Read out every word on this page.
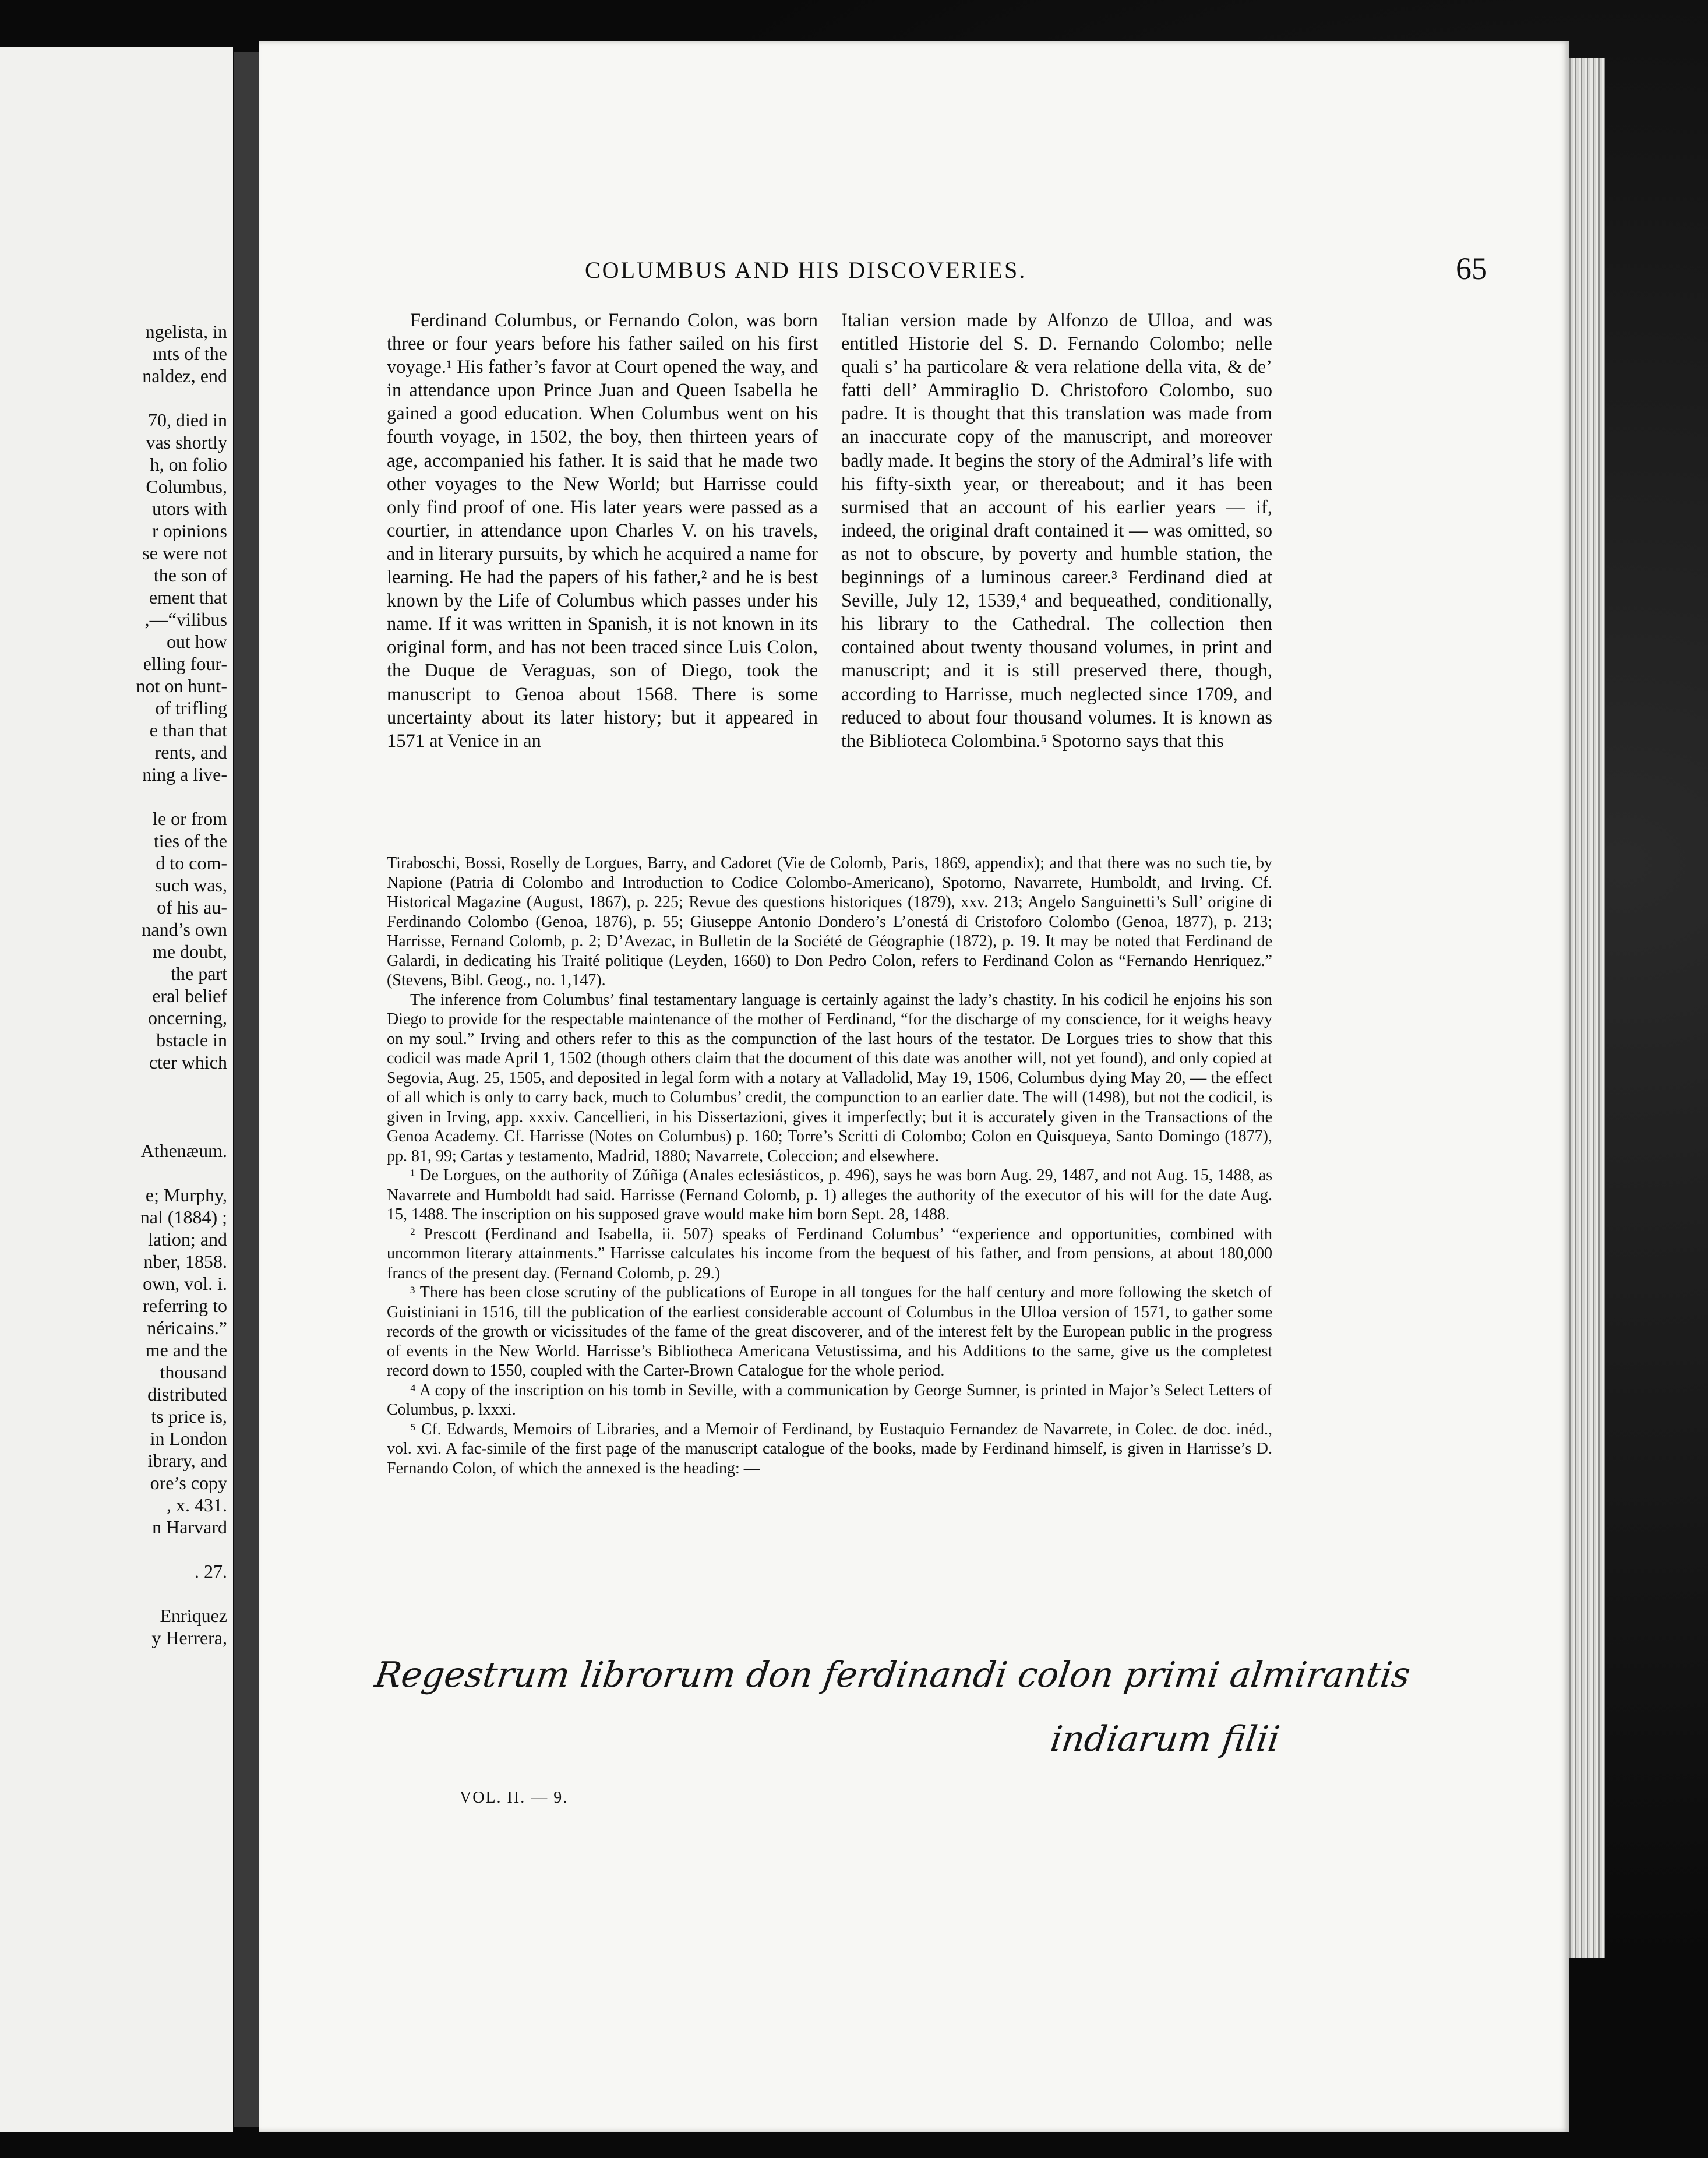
ngelista, in
ınts of the
naldez, end
70, died in
vas shortly
h, on folio
Columbus,
utors with
r opinions
se were not
the son of
ement that
,—“vilibus
out how
elling four-
not on hunt-
of trifling
e than that
rents, and
ning a live-
le or from
ties of the
d to com-
such was,
of his au-
nand’s own
me doubt,
the part
eral belief
oncerning,
bstacle in
cter which
Athenæum.
e; Murphy,
nal (1884) ;
lation; and
nber, 1858.
own, vol. i.
referring to
néricains.”
me and the
thousand
distributed
ts price is,
in London
ibrary, and
ore’s copy
, x. 431.
n Harvard
. 27.
Enriquez
y Herrera,
COLUMBUS AND HIS DISCOVERIES.	65

Ferdinand Columbus, or Fernando Colon, was born three or four years before his father sailed on his first voyage.¹ His father’s favor at Court opened the way, and in attendance upon Prince Juan and Queen Isabella he gained a good education. When Columbus went on his fourth voyage, in 1502, the boy, then thirteen years of age, accompanied his father. It is said that he made two other voyages to the New World; but Harrisse could only find proof of one. His later years were passed as a courtier, in attendance upon Charles V. on his travels, and in literary pursuits, by which he acquired a name for learning. He had the papers of his father,² and he is best known by the Life of Columbus which passes under his name. If it was written in Spanish, it is not known in its original form, and has not been traced since Luis Colon, the Duque de Veraguas, son of Diego, took the manuscript to Genoa about 1568. There is some uncertainty about its later history; but it appeared in 1571 at Venice in an

Italian version made by Alfonzo de Ulloa, and was entitled Historie del S. D. Fernando Colombo; nelle quali s’ ha particolare & vera relatione della vita, & de’ fatti dell’ Ammiraglio D. Christoforo Colombo, suo padre. It is thought that this translation was made from an inaccurate copy of the manuscript, and moreover badly made. It begins the story of the Admiral’s life with his fifty-sixth year, or thereabout; and it has been surmised that an account of his earlier years — if, indeed, the original draft contained it — was omitted, so as not to obscure, by poverty and humble station, the beginnings of a luminous career.³ Ferdinand died at Seville, July 12, 1539,⁴ and bequeathed, conditionally, his library to the Cathedral. The collection then contained about twenty thousand volumes, in print and manuscript; and it is still preserved there, though, according to Harrisse, much neglected since 1709, and reduced to about four thousand volumes. It is known as the Biblioteca Colombina.⁵ Spotorno says that this

Tiraboschi, Bossi, Roselly de Lorgues, Barry, and Cadoret (Vie de Colomb, Paris, 1869, appendix); and that there was no such tie, by Napione (Patria di Colombo and Introduction to Codice Colombo-Americano), Spotorno, Navarrete, Humboldt, and Irving. Cf. Historical Magazine (August, 1867), p. 225; Revue des questions historiques (1879), xxv. 213; Angelo Sanguinetti’s Sull’ origine di Ferdinando Colombo (Genoa, 1876), p. 55; Giuseppe Antonio Dondero’s L’onestá di Cristoforo Colombo (Genoa, 1877), p. 213; Harrisse, Fernand Colomb, p. 2; D’Avezac, in Bulletin de la Société de Géographie (1872), p. 19. It may be noted that Ferdinand de Galardi, in dedicating his Traité politique (Leyden, 1660) to Don Pedro Colon, refers to Ferdinand Colon as “Fernando Henriquez.” (Stevens, Bibl. Geog., no. 1,147).

The inference from Columbus’ final testamentary language is certainly against the lady’s chastity. In his codicil he enjoins his son Diego to provide for the respectable maintenance of the mother of Ferdinand, “for the discharge of my conscience, for it weighs heavy on my soul.” Irving and others refer to this as the compunction of the last hours of the testator. De Lorgues tries to show that this codicil was made April 1, 1502 (though others claim that the document of this date was another will, not yet found), and only copied at Segovia, Aug. 25, 1505, and deposited in legal form with a notary at Valladolid, May 19, 1506, Columbus dying May 20, — the effect of all which is only to carry back, much to Columbus’ credit, the compunction to an earlier date. The will (1498), but not the codicil, is given in Irving, app. xxxiv. Cancellieri, in his Dissertazioni, gives it imperfectly; but it is accurately given in the Transactions of the Genoa Academy. Cf. Harrisse (Notes on Columbus) p. 160; Torre’s Scritti di Colombo; Colon en Quisqueya, Santo Domingo (1877), pp. 81, 99; Cartas y testamento, Madrid, 1880; Navarrete, Coleccion; and elsewhere.

¹ De Lorgues, on the authority of Zúñiga (Anales eclesiásticos, p. 496), says he was born Aug. 29, 1487, and not Aug. 15, 1488, as Navarrete and Humboldt had said. Harrisse (Fernand Colomb, p. 1) alleges the authority of the executor of his will for the date Aug. 15, 1488. The inscription on his supposed grave would make him born Sept. 28, 1488.

² Prescott (Ferdinand and Isabella, ii. 507) speaks of Ferdinand Columbus’ “experience and opportunities, combined with uncommon literary attainments.” Harrisse calculates his income from the bequest of his father, and from pensions, at about 180,000 francs of the present day. (Fernand Colomb, p. 29.)

³ There has been close scrutiny of the publications of Europe in all tongues for the half century and more following the sketch of Guistiniani in 1516, till the publication of the earliest considerable account of Columbus in the Ulloa version of 1571, to gather some records of the growth or vicissitudes of the fame of the great discoverer, and of the interest felt by the European public in the progress of events in the New World. Harrisse’s Bibliotheca Americana Vetustissima, and his Additions to the same, give us the completest record down to 1550, coupled with the Carter-Brown Catalogue for the whole period.

⁴ A copy of the inscription on his tomb in Seville, with a communication by George Sumner, is printed in Major’s Select Letters of Columbus, p. lxxxi.

⁵ Cf. Edwards, Memoirs of Libraries, and a Memoir of Ferdinand, by Eustaquio Fernandez de Navarrete, in Colec. de doc. inéd., vol. xvi. A fac-simile of the first page of the manuscript catalogue of the books, made by Ferdinand himself, is given in Harrisse’s D. Fernando Colon, of which the annexed is the heading: —

Regestrum librorum don ferdinandi colon primi almirantis
indiarum filii
VOL. II. — 9.
